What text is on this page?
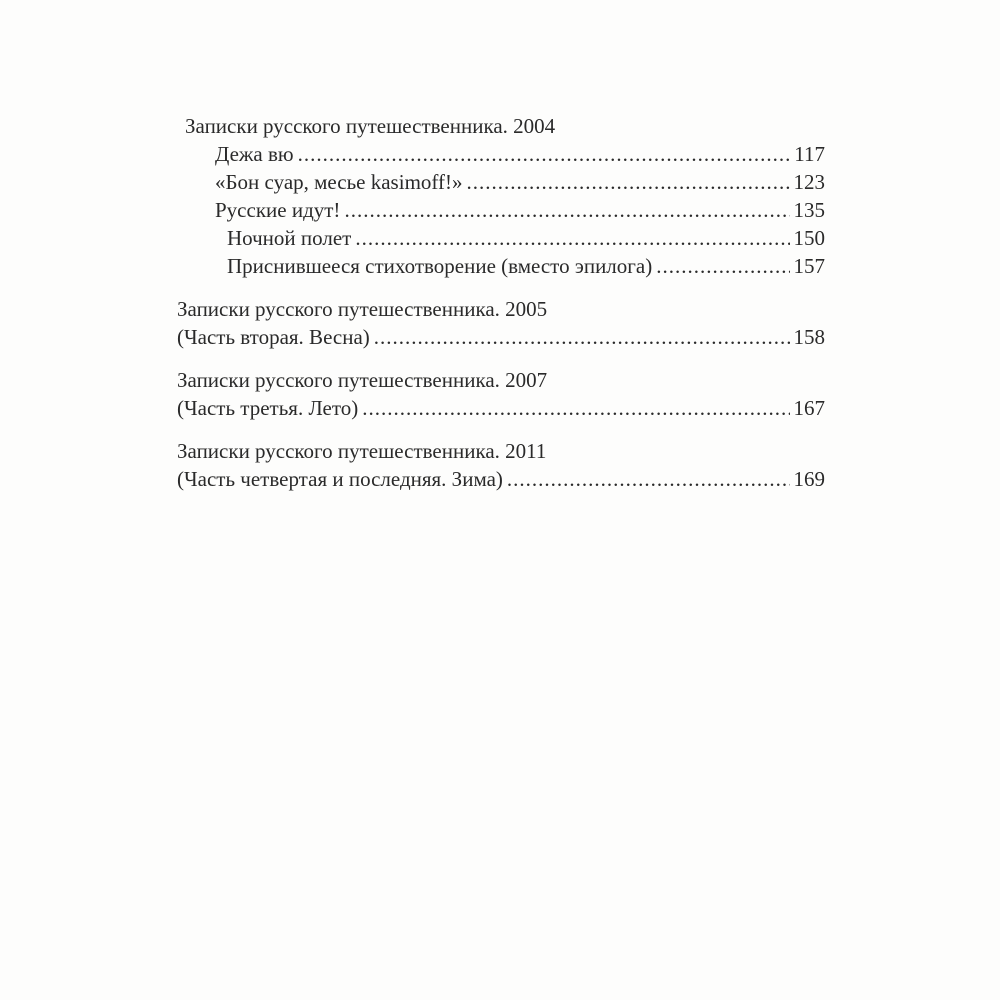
Записки русского путешественника. 2004
Дежа вю .....	117
«Бон суар, месье kasimoff!» .....	123
Русские идут! .....	135
Ночной полет .....	150
Приснившееся стихотворение (вместо эпилога) .....	157
Записки русского путешественника. 2005
(Часть вторая. Весна) .....	158
Записки русского путешественника. 2007
(Часть третья. Лето) .....	167
Записки русского путешественника. 2011
(Часть четвертая и последняя. Зима) .....	169
